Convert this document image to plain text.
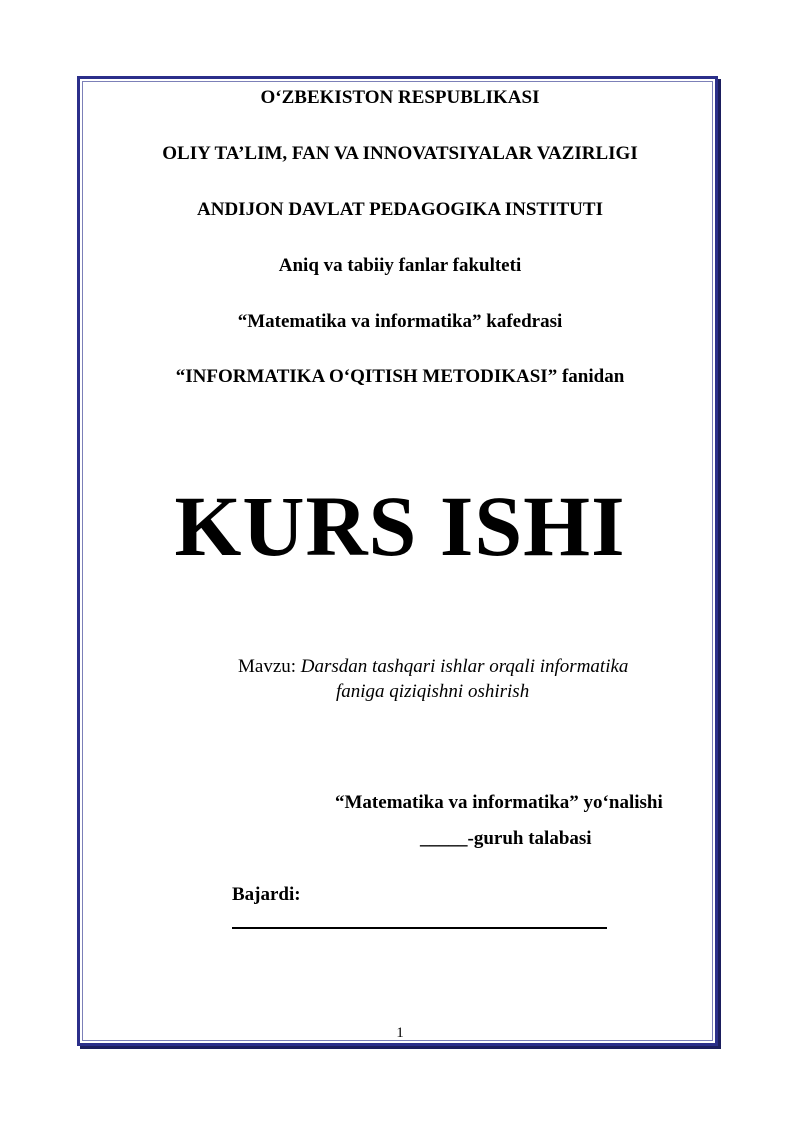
O‘ZBEKISTON RESPUBLIKASI
OLIY TA’LIM, FAN VA INNOVATSIYALAR VAZIRLIGI
ANDIJON DAVLAT PEDAGOGIKA INSTITUTI
Aniq va tabiiy fanlar fakulteti
“Matematika va informatika” kafedrasi
“INFORMATIKA O‘QITISH METODIKASI” fanidan
KURS ISHI
Mavzu: Darsdan tashqari ishlar orqali informatika
faniga qiziqishni oshirish
“Matematika va informatika” yo‘nalishi
_____-guruh talabasi
Bajardi:
1
